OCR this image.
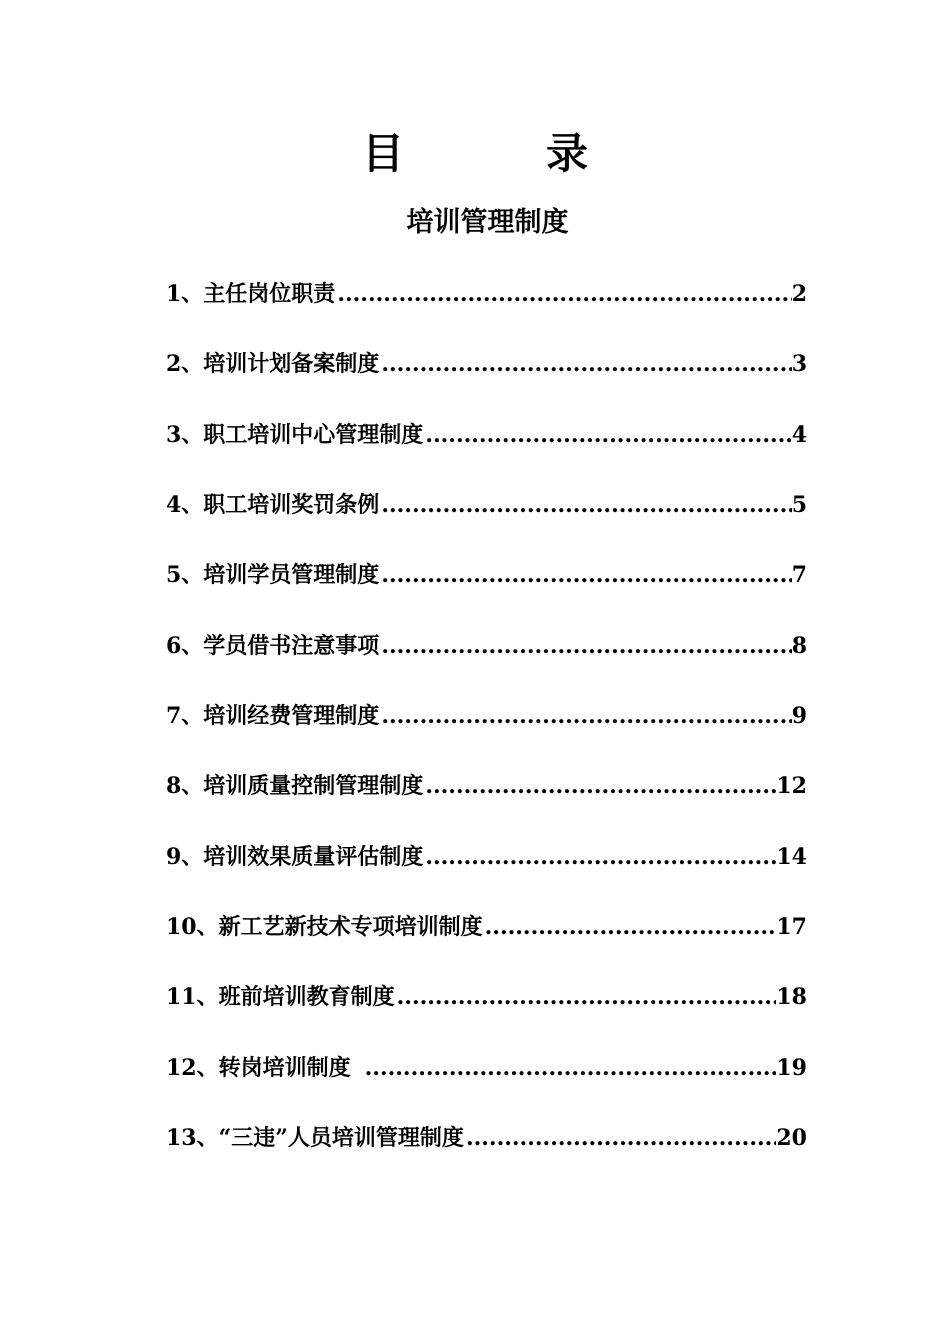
目　录
培训管理制度
1、主任岗位职责 .....	2
2、培训计划备案制度 .....	3
3、职工培训中心管理制度 .....	4
4、职工培训奖罚条例 .....	5
5、培训学员管理制度 .....	7
6、学员借书注意事项 .....	8
7、培训经费管理制度 .....	9
8、培训质量控制管理制度 .....	12
9、培训效果质量评估制度 .....	14
10、新工艺新技术专项培训制度 .....	17
11、班前培训教育制度 .....	18
12、转岗培训制度 .....	19
13、“三违”人员培训管理制度 .....	20
